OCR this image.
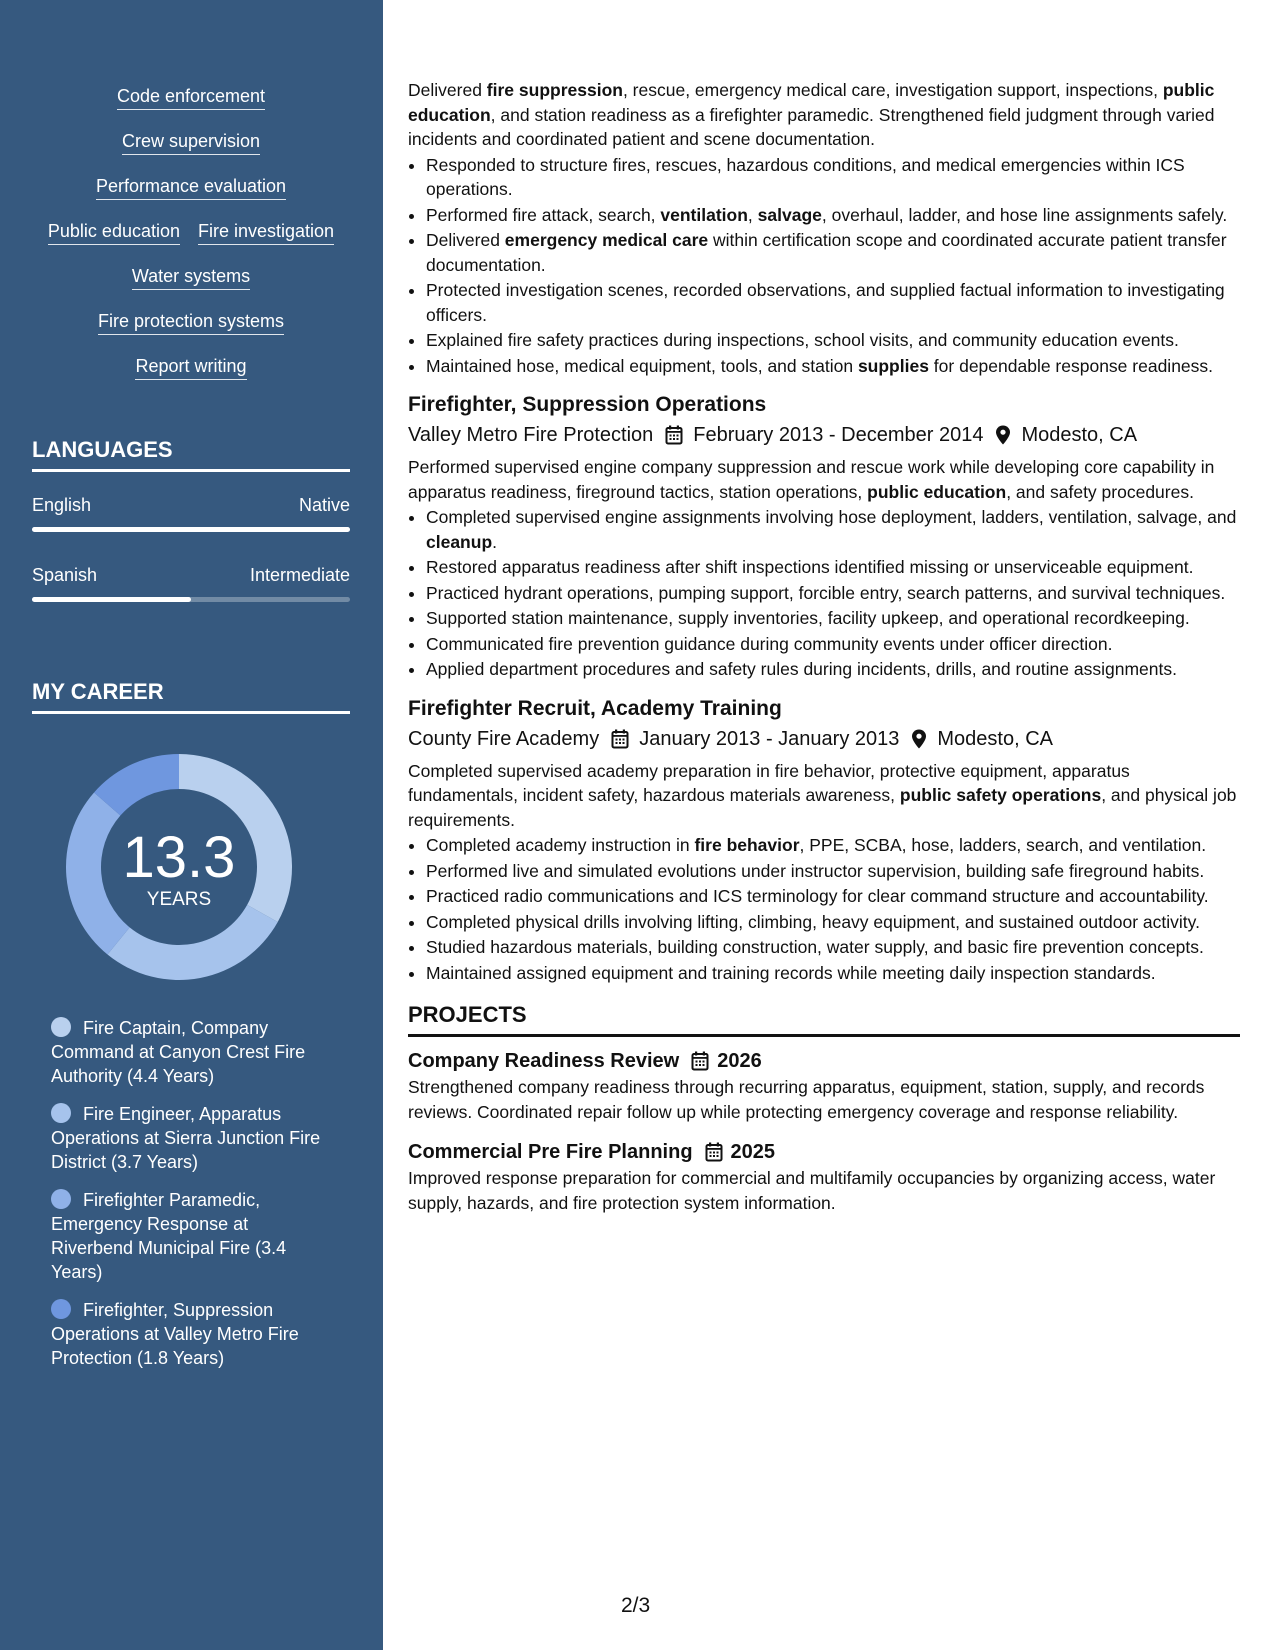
Code enforcement
Crew supervision
Performance evaluation
Public education Fire investigation
Water systems
Fire protection systems
Report writing
LANGUAGES
English	Native
Spanish	Intermediate
MY CAREER
13.3
YEARS
Fire Captain, Company Command at Canyon Crest Fire Authority (4.4 Years)
Fire Engineer, Apparatus Operations at Sierra Junction Fire District (3.7 Years)
Firefighter Paramedic, Emergency Response at Riverbend Municipal Fire (3.4 Years)
Firefighter, Suppression Operations at Valley Metro Fire Protection (1.8 Years)

Delivered fire suppression, rescue, emergency medical care, investigation support, inspections, public education, and station readiness as a firefighter paramedic. Strengthened field judgment through varied incidents and coordinated patient and scene documentation.

• Responded to structure fires, rescues, hazardous conditions, and medical emergencies within ICS operations.
• Performed fire attack, search, ventilation, salvage, overhaul, ladder, and hose line assignments safely.
• Delivered emergency medical care within certification scope and coordinated accurate patient transfer documentation.
• Protected investigation scenes, recorded observations, and supplied factual information to investigating officers.
• Explained fire safety practices during inspections, school visits, and community education events.
• Maintained hose, medical equipment, tools, and station supplies for dependable response readiness.
Firefighter, Suppression Operations
Valley Metro Fire Protection February 2013 - December 2014 Modesto, CA

Performed supervised engine company suppression and rescue work while developing core capability in apparatus readiness, fireground tactics, station operations, public education, and safety procedures.

• Completed supervised engine assignments involving hose deployment, ladders, ventilation, salvage, and cleanup.
• Restored apparatus readiness after shift inspections identified missing or unserviceable equipment.
• Practiced hydrant operations, pumping support, forcible entry, search patterns, and survival techniques.
• Supported station maintenance, supply inventories, facility upkeep, and operational recordkeeping.
• Communicated fire prevention guidance during community events under officer direction.
• Applied department procedures and safety rules during incidents, drills, and routine assignments.
Firefighter Recruit, Academy Training
County Fire Academy January 2013 - January 2013 Modesto, CA

Completed supervised academy preparation in fire behavior, protective equipment, apparatus fundamentals, incident safety, hazardous materials awareness, public safety operations, and physical job requirements.

• Completed academy instruction in fire behavior, PPE, SCBA, hose, ladders, search, and ventilation.
• Performed live and simulated evolutions under instructor supervision, building safe fireground habits.
• Practiced radio communications and ICS terminology for clear command structure and accountability.
• Completed physical drills involving lifting, climbing, heavy equipment, and sustained outdoor activity.
• Studied hazardous materials, building construction, water supply, and basic fire prevention concepts.
• Maintained assigned equipment and training records while meeting daily inspection standards.
PROJECTS
Company Readiness Review 2026

Strengthened company readiness through recurring apparatus, equipment, station, supply, and records reviews. Coordinated repair follow up while protecting emergency coverage and response reliability.

Commercial Pre Fire Planning 2025

Improved response preparation for commercial and multifamily occupancies by organizing access, water supply, hazards, and fire protection system information.

2/3
